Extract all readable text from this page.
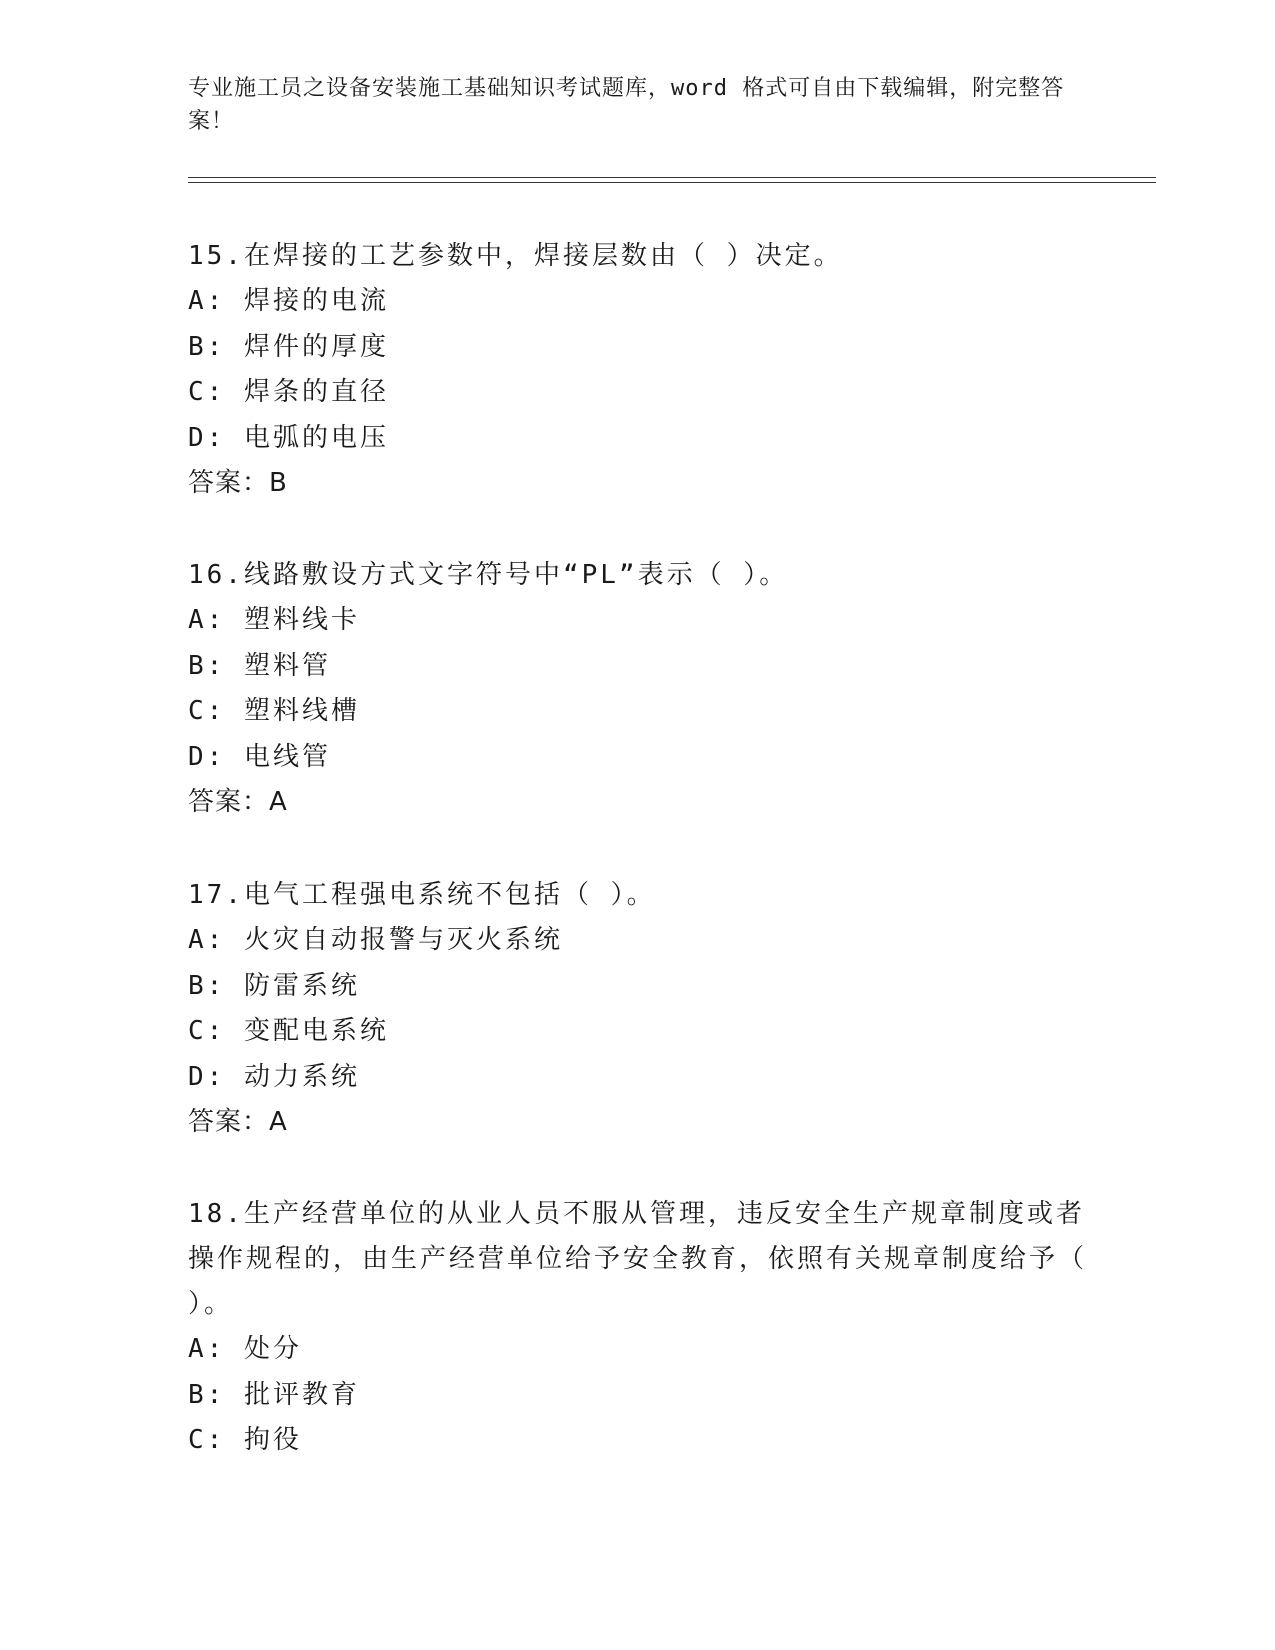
专业施工员之设备安装施工基础知识考试题库，word 格式可自由下载编辑，附完整答案！

15.在焊接的工艺参数中，焊接层数由（ ）决定。

A: 焊接的电流

B: 焊件的厚度

C: 焊条的直径

D: 电弧的电压

答案：B

16.线路敷设方式文字符号中“PL”表示（ ）。

A: 塑料线卡

B: 塑料管

C: 塑料线槽

D: 电线管

答案：A

17.电气工程强电系统不包括（ ）。

A: 火灾自动报警与灭火系统

B: 防雷系统

C: 变配电系统

D: 动力系统

答案：A

18.生产经营单位的从业人员不服从管理，违反安全生产规章制度或者操作规程的，由生产经营单位给予安全教育，依照有关规章制度给予（ ）。

A: 处分

B: 批评教育

C: 拘役
